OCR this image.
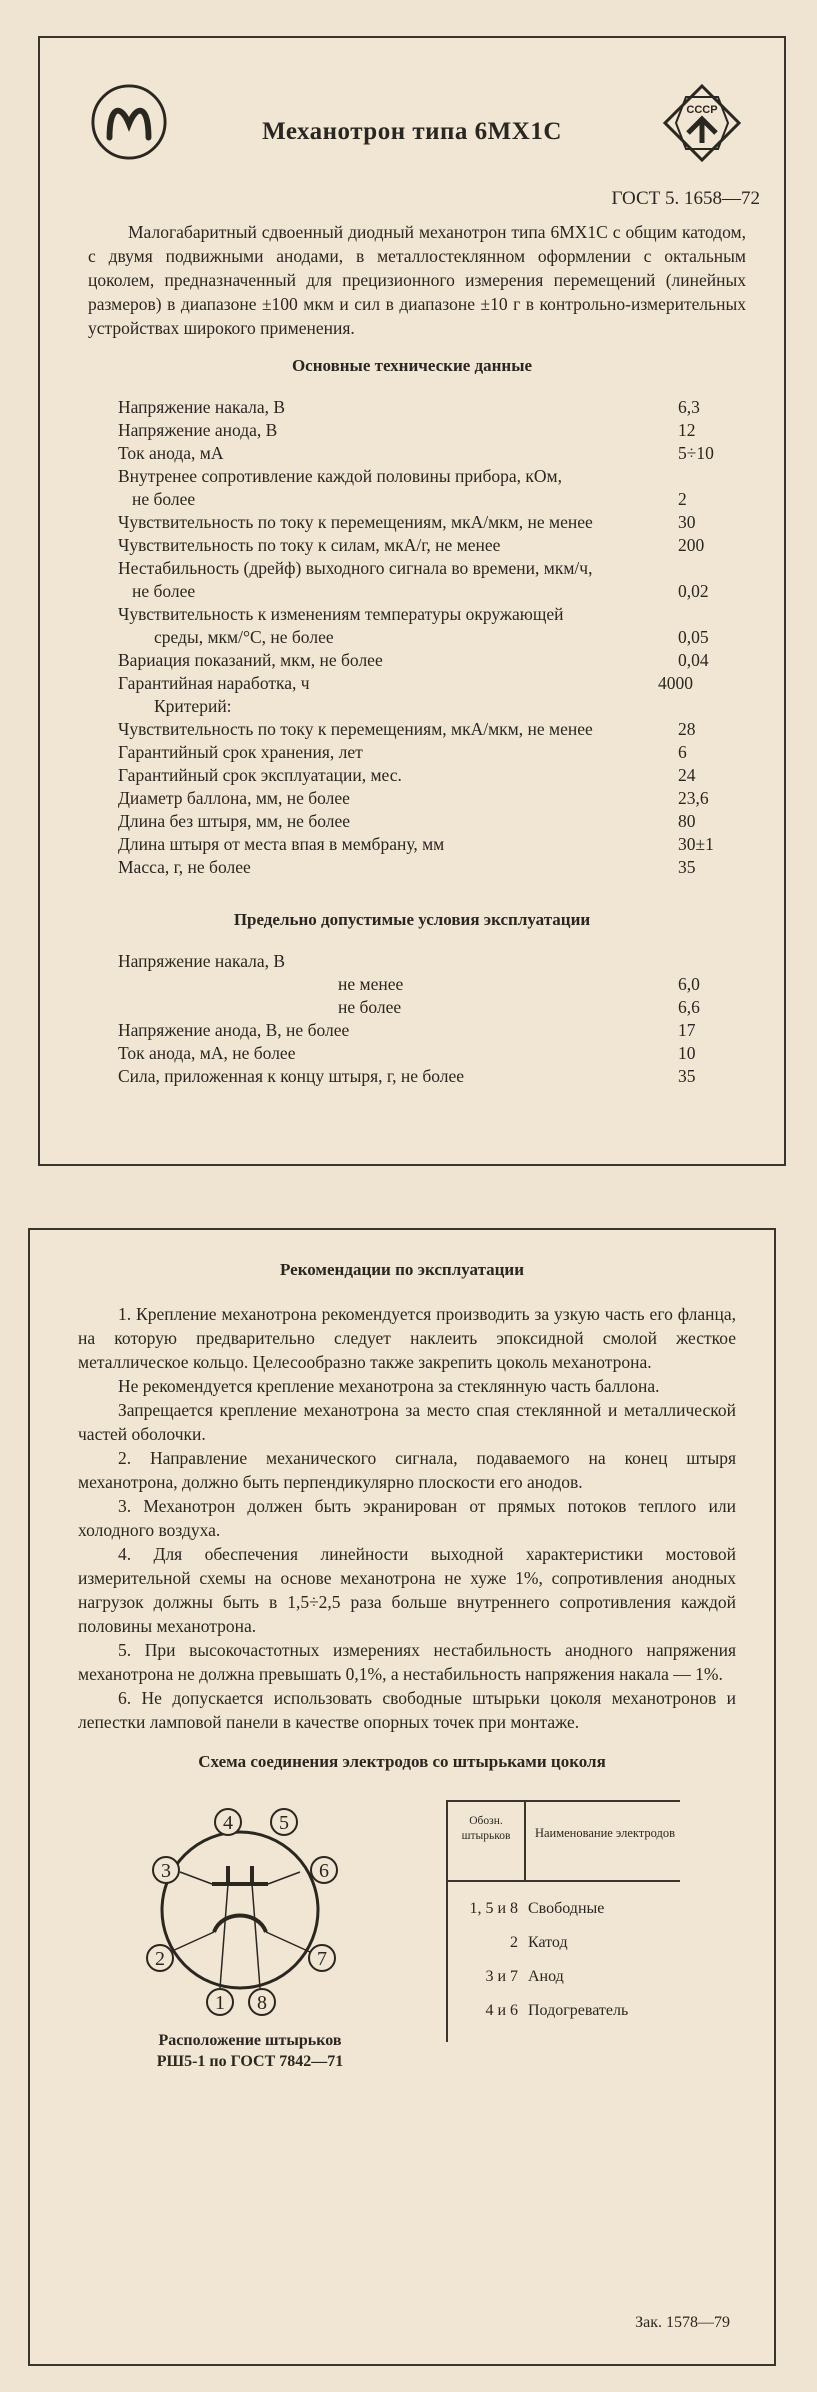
Механотрон типа 6МХ1С
СССР
ГОСТ 5. 1658—72
Малогабаритный сдвоенный диодный механотрон типа 6МХ1С с общим катодом, с двумя подвижными анодами, в металлостеклянном оформлении с октальным цоколем, предназначенный для прецизионного измерения перемещений (линейных размеров) в диапазоне ±100 мкм и сил в диапазоне ±10 г в контрольно-измерительных устройствах широкого применения.
Основные технические данные
Напряжение накала, В	6,3
Напряжение анода, В	12
Ток анода, мА	5÷10
Внутренее сопротивление каждой половины прибора, кОм,
не более	2
Чувствительность по току к перемещениям, мкА/мкм, не менее	30
Чувствительность по току к силам, мкА/г, не менее	200
Нестабильность (дрейф) выходного сигнала во времени, мкм/ч,
не более	0,02
Чувствительность к изменениям температуры окружающей
среды, мкм/°С, не более	0,05
Вариация показаний, мкм, не более	0,04
Гарантийная наработка, ч	4000
Критерий:
Чувствительность по току к перемещениям, мкА/мкм, не менее	28
Гарантийный срок хранения, лет	6
Гарантийный срок эксплуатации, мес.	24
Диаметр баллона, мм, не более	23,6
Длина без штыря, мм, не более	80
Длина штыря от места впая в мембрану, мм	30±1
Масса, г, не более	35
Предельно допустимые условия эксплуатации
Напряжение накала, В
не менее	6,0
не более	6,6
Напряжение анода, В, не более	17
Ток анода, мА, не более	10
Сила, приложенная к концу штыря, г, не более	35
Рекомендации по эксплуатации

1. Крепление механотрона рекомендуется производить за узкую часть его фланца, на которую предварительно следует наклеить эпоксидной смолой жесткое металлическое кольцо. Целесообразно также закрепить цоколь механотрона.

Не рекомендуется крепление механотрона за стеклянную часть баллона.

Запрещается крепление механотрона за место спая стеклянной и металлической частей оболочки.

2. Направление механического сигнала, подаваемого на конец штыря механотрона, должно быть перпендикулярно плоскости его анодов.

3. Механотрон должен быть экранирован от прямых потоков теплого или холодного воздуха.

4. Для обеспечения линейности выходной характеристики мостовой измерительной схемы на основе механотрона не хуже 1%, сопротивления анодных нагрузок должны быть в 1,5÷2,5 раза больше внутреннего сопротивления каждой половины механотрона.

5. При высокочастотных измерениях нестабильность анодного напряжения механотрона не должна превышать 0,1%, а нестабильность напряжения накала — 1%.

6. Не допускается использовать свободные штырьки цоколя механотронов и лепестки ламповой панели в качестве опорных точек при монтаже.

Схема соединения электродов со штырьками цоколя
1
2
3
4 5
6
7
8
Расположение штырьков
РШ5-1 по ГОСТ 7842—71
Обозн. штырьков	Наименование электродов
1, 5 и 8 Свободные
2 Катод
3 и 7 Анод
4 и 6 Подогреватель
Зак. 1578—79
